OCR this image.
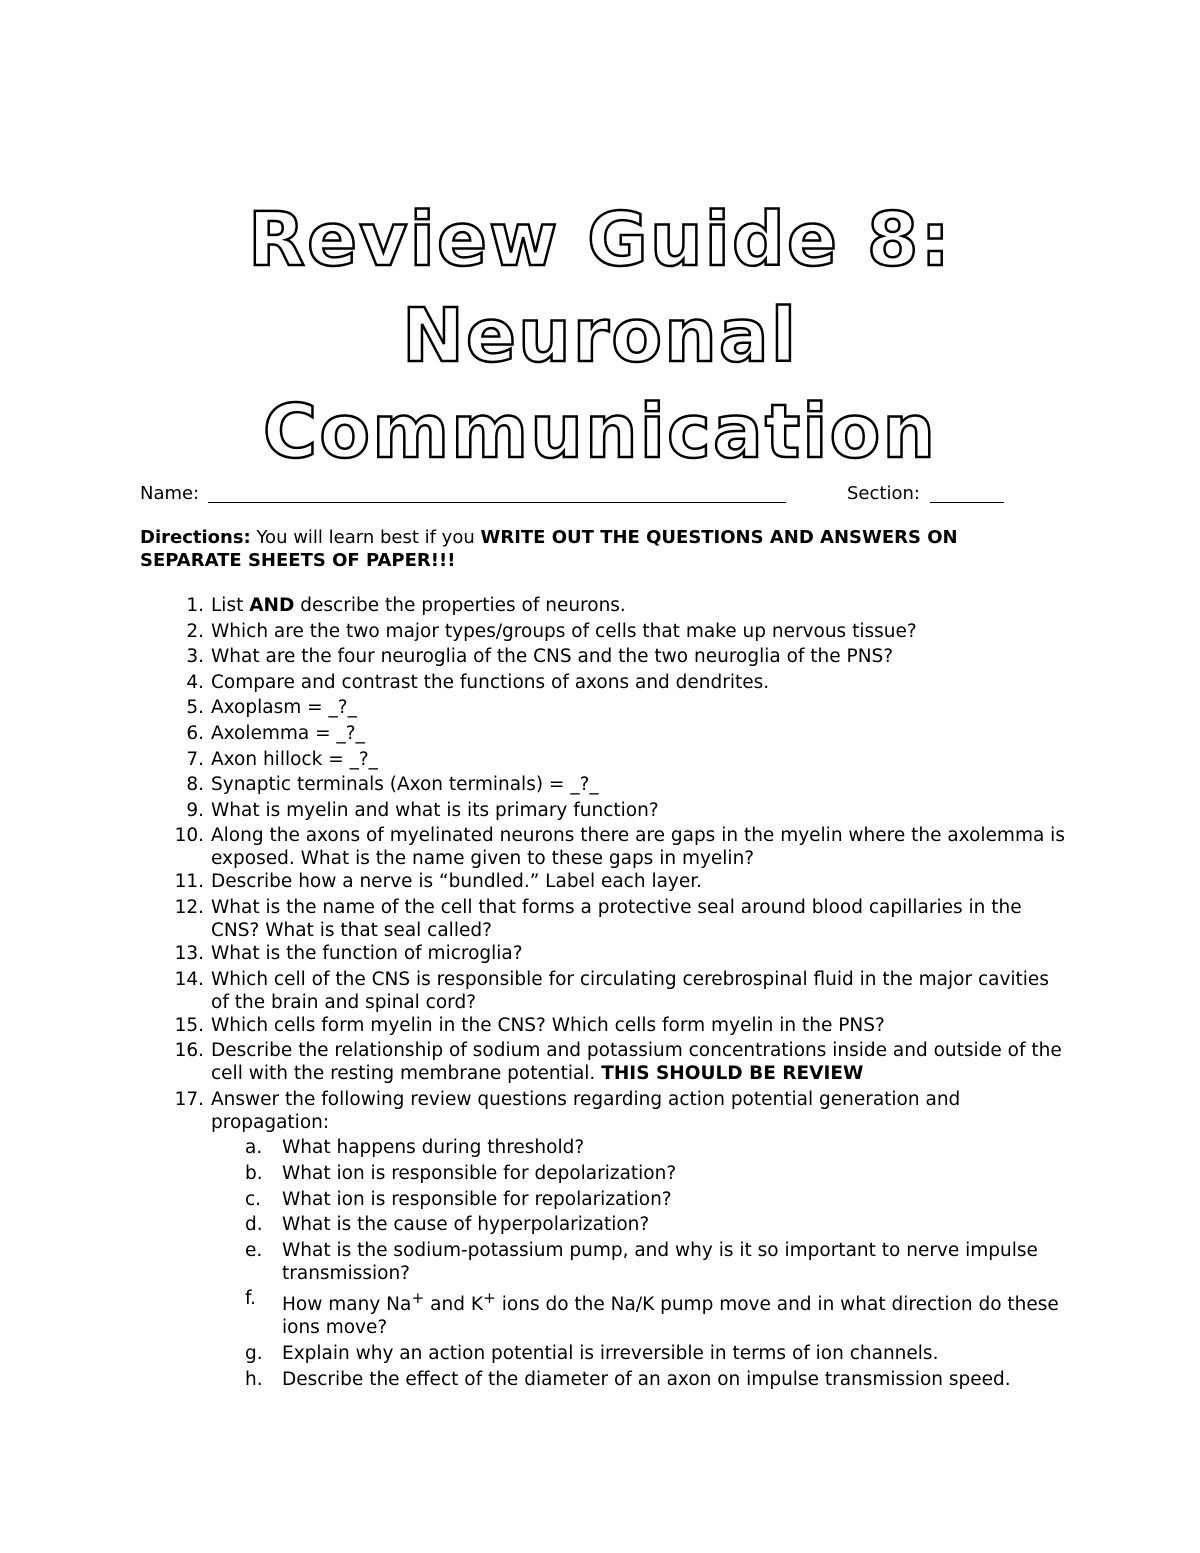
Review Guide 8:
Neuronal
Communication
Name:	Section:
Directions: You will learn best if you WRITE OUT THE QUESTIONS AND ANSWERS ON SEPARATE SHEETS OF PAPER!!!
1. List AND describe the properties of neurons.
2. Which are the two major types/groups of cells that make up nervous tissue?
3. What are the four neuroglia of the CNS and the two neuroglia of the PNS?
4. Compare and contrast the functions of axons and dendrites.
5. Axoplasm = _?_
6. Axolemma = _?_
7. Axon hillock = _?_
8. Synaptic terminals (Axon terminals) = _?_
9. What is myelin and what is its primary function?
10. Along the axons of myelinated neurons there are gaps in the myelin where the axolemma is exposed. What is the name given to these gaps in myelin?
11. Describe how a nerve is “bundled.” Label each layer.
12. What is the name of the cell that forms a protective seal around blood capillaries in the CNS? What is that seal called?
13. What is the function of microglia?
14. Which cell of the CNS is responsible for circulating cerebrospinal fluid in the major cavities of the brain and spinal cord?
15. Which cells form myelin in the CNS? Which cells form myelin in the PNS?
16. Describe the relationship of sodium and potassium concentrations inside and outside of the cell with the resting membrane potential. THIS SHOULD BE REVIEW
17. Answer the following review questions regarding action potential generation and propagation:
a. What happens during threshold?
b. What ion is responsible for depolarization?
c. What ion is responsible for repolarization?
d. What is the cause of hyperpolarization?
e. What is the sodium-potassium pump, and why is it so important to nerve impulse transmission?
f. How many Na+ and K+ ions do the Na/K pump move and in what direction do these ions move?
g. Explain why an action potential is irreversible in terms of ion channels.
h. Describe the effect of the diameter of an axon on impulse transmission speed.
